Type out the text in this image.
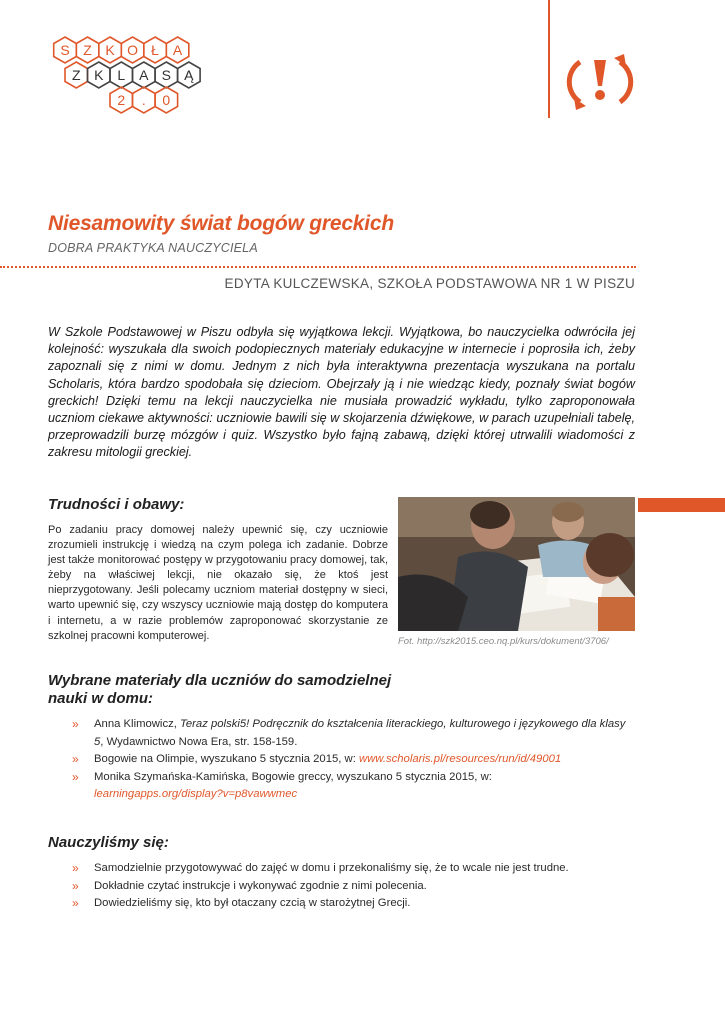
S Z K O Ł A
Z K L A S Ą
2 . 0
Niesamowity świat bogów greckich
DOBRA PRAKTYKA NAUCZYCIELA
EDYTA KULCZEWSKA, SZKOŁA PODSTAWOWA NR 1 W PISZU

W Szkole Podstawowej w Piszu odbyła się wyjątkowa lekcji. Wyjątkowa, bo nauczycielka odwróciła jej kolejność: wyszukała dla swoich podopiecznych materiały edukacyjne w internecie i poprosiła ich, żeby zapoznali się z nimi w domu. Jednym z nich była interaktywna prezentacja wyszukana na portalu Scholaris, która bardzo spodobała się dzieciom. Obejrzały ją i nie wiedząc kiedy, poznały świat bogów greckich! Dzięki temu na lekcji nauczycielka nie musiała prowadzić wykładu, tylko zaproponowała uczniom ciekawe aktywności: uczniowie bawili się w skojarzenia dźwiękowe, w parach uzupełniali tabelę, przeprowadzili burzę mózgów i quiz. Wszystko było fajną zabawą, dzięki której utrwalili wiadomości z zakresu mitologii greckiej.

Trudności i obawy:

Po zadaniu pracy domowej należy upewnić się, czy uczniowie zrozumieli instrukcję i wiedzą na czym polega ich zadanie. Dobrze jest także monitorować postępy w przygotowaniu pracy domowej, tak, żeby na właściwej lekcji, nie okazało się, że ktoś jest nieprzygotowany. Jeśli polecamy uczniom materiał dostępny w sieci, warto upewnić się, czy wszyscy uczniowie mają dostęp do komputera i internetu, a w razie problemów zaproponować skorzystanie ze szkolnej pracowni komputerowej.	Fot. http://szk2015.ceo.nq.pl/kurs/dokument/3706/
Wybrane materiały dla uczniów do samodzielnej nauki w domu:
» Anna Klimowicz, Teraz polski5! Podręcznik do kształcenia literackiego, kulturowego i językowego dla klasy 5, Wydawnictwo Nowa Era, str. 158-159.
» Bogowie na Olimpie, wyszukano 5 stycznia 2015, w: www.scholaris.pl/resources/run/id/49001
» Monika Szymańska-Kamińska, Bogowie greccy, wyszukano 5 stycznia 2015, w:
learningapps.org/display?v=p8vawwmec
Nauczyliśmy się:
» Samodzielnie przygotowywać do zajęć w domu i przekonaliśmy się, że to wcale nie jest trudne.
» Dokładnie czytać instrukcje i wykonywać zgodnie z nimi polecenia.
» Dowiedzieliśmy się, kto był otaczany czcią w starożytnej Grecji.
